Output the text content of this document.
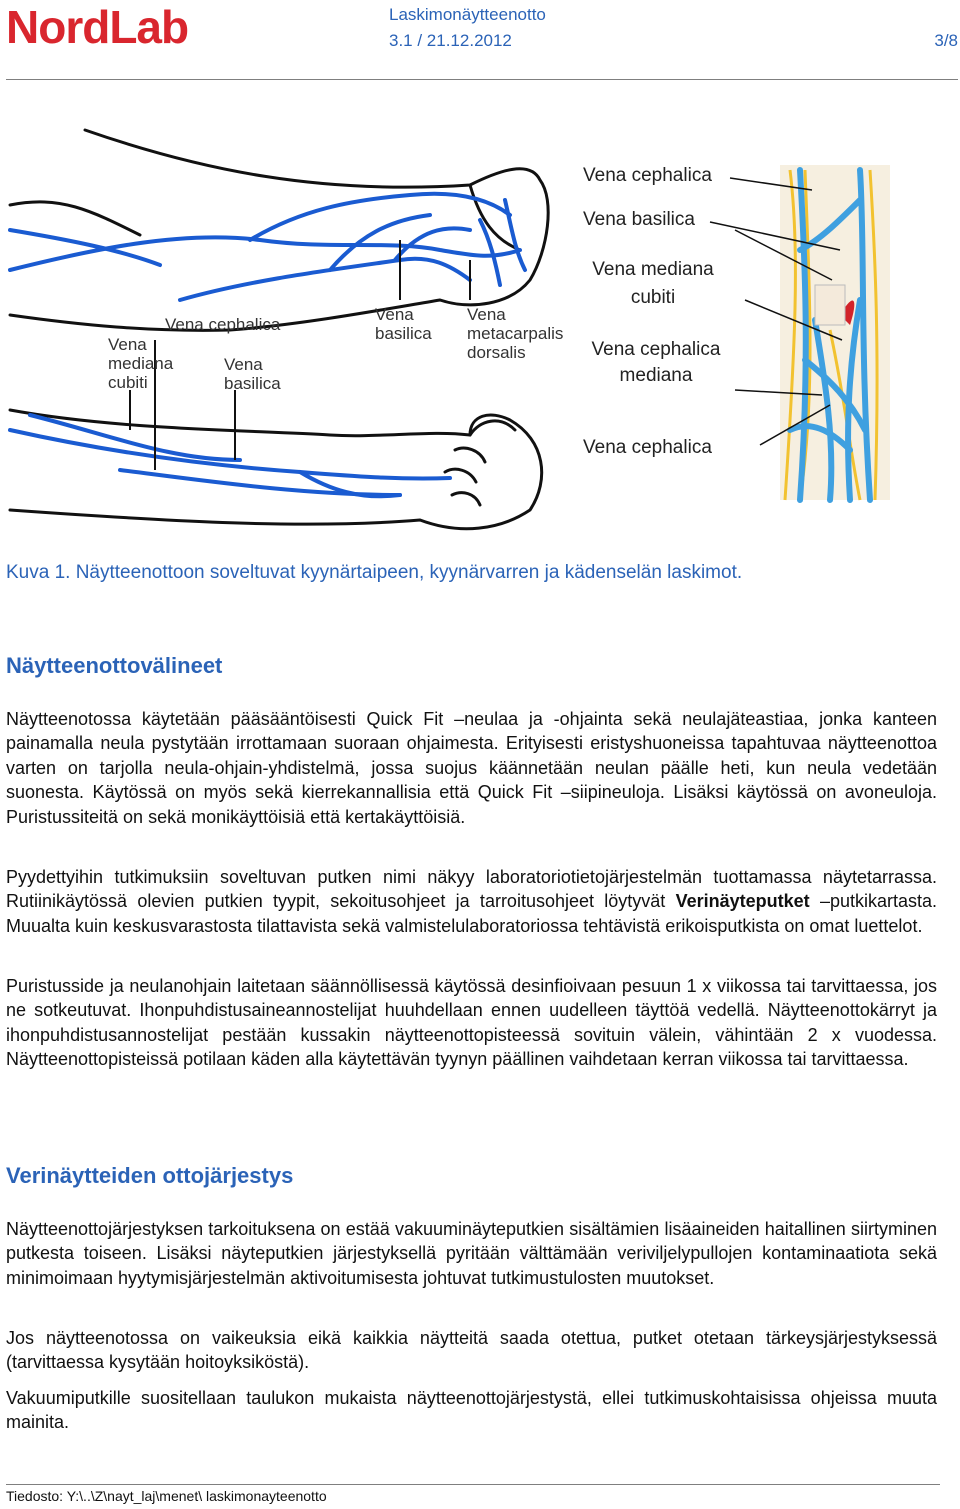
NordLab	Laskimonäytteenotto
3.1 / 21.12.2012	3/8
Vena cephalica
Vena
mediana
cubiti
Vena
basilica
Vena
basilica
Vena
metacarpalis
dorsalis
Vena cephalica
Vena basilica
Vena mediana
cubiti
Vena cephalica
mediana
Vena cephalica
Kuva 1. Näytteenottoon soveltuvat kyynärtaipeen, kyynärvarren ja kädenselän laskimot.
Näytteenottovälineet

Näytteenotossa käytetään pääsääntöisesti Quick Fit –neulaa ja -ohjainta sekä neulajäteastiaa, jonka kanteen painamalla neula pystytään irrottamaan suoraan ohjaimesta. Erityisesti eristyshuoneissa tapahtuvaa näytteenottoa varten on tarjolla neula-ohjain-yhdistelmä, jossa suojus käännetään neulan päälle heti, kun neula vedetään suonesta. Käytössä on myös sekä kierrekannallisia että Quick Fit –siipineuloja. Lisäksi käytössä on avoneuloja. Puristussiteitä on sekä monikäyttöisiä että kertakäyttöisiä.

Pyydettyihin tutkimuksiin soveltuvan putken nimi näkyy laboratoriotietojärjestelmän tuottamassa näytetarrassa. Rutiinikäytössä olevien putkien tyypit, sekoitusohjeet ja tarroitusohjeet löytyvät Verinäyteputket –putkikartasta. Muualta kuin keskusvarastosta tilattavista sekä valmistelulaboratoriossa tehtävistä erikoisputkista on omat luettelot.

Puristusside ja neulanohjain laitetaan säännöllisessä käytössä desinfioivaan pesuun 1 x viikossa tai tarvittaessa, jos ne sotkeutuvat. Ihonpuhdistusaineannostelijat huuhdellaan ennen uudelleen täyttöä vedellä. Näytteenottokärryt ja ihonpuhdistusannostelijat pestään kussakin näytteenottopisteessä sovituin välein, vähintään 2 x vuodessa. Näytteenottopisteissä potilaan käden alla käytettävän tyynyn päällinen vaihdetaan kerran viikossa tai tarvittaessa.

Verinäytteiden ottojärjestys

Näytteenottojärjestyksen tarkoituksena on estää vakuuminäyteputkien sisältämien lisäaineiden haitallinen siirtyminen putkesta toiseen. Lisäksi näyteputkien järjestyksellä pyritään välttämään veriviljelypullojen kontaminaatiota sekä minimoimaan hyytymisjärjestelmän aktivoitumisesta johtuvat tutkimustulosten muutokset.

Jos näytteenotossa on vaikeuksia eikä kaikkia näytteitä saada otettua, putket otetaan tärkeysjärjestyksessä (tarvittaessa kysytään hoitoyksiköstä).

Vakuumiputkille suositellaan taulukon mukaista näytteenottojärjestystä, ellei tutkimuskohtaisissa ohjeissa muuta mainita.

Tiedosto: Y:\..\Z\nayt_laj\menet\ laskimonayteenotto
